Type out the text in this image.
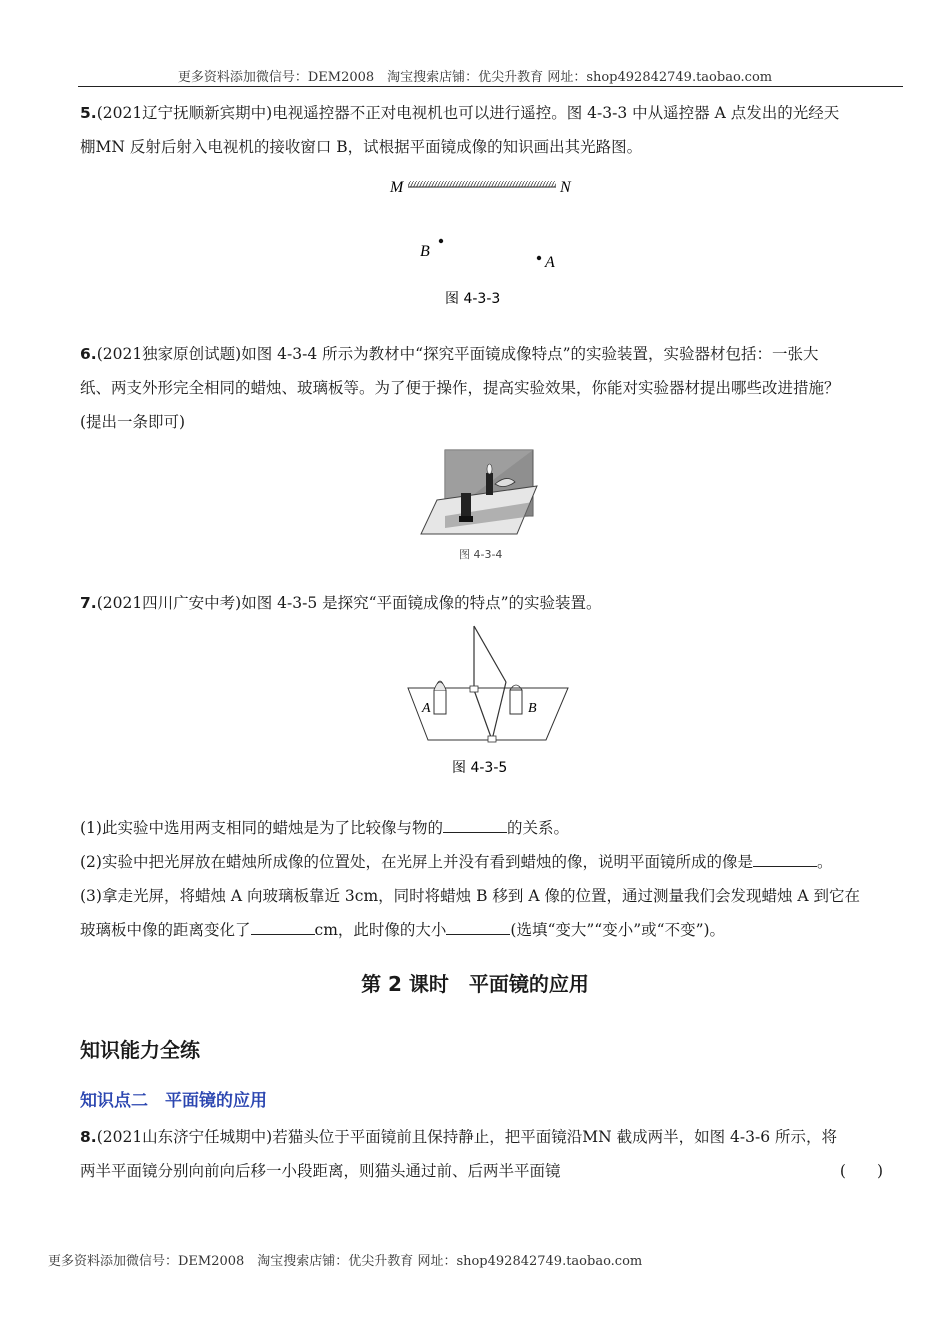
更多资料添加微信号：DEM2008　淘宝搜索店铺：优尖升教育 网址：shop492842749.taobao.com
5.(2021辽宁抚顺新宾期中)电视遥控器不正对电视机也可以进行遥控。图 4-3-3 中从遥控器 A 点发出的光经天
棚MN 反射后射入电视机的接收窗口 B，试根据平面镜成像的知识画出其光路图。
M	N
B
A
图 4-3-3
6.(2021独家原创试题)如图 4-3-4 所示为教材中“探究平面镜成像特点”的实验装置，实验器材包括：一张大
纸、两支外形完全相同的蜡烛、玻璃板等。为了便于操作，提高实验效果，你能对实验器材提出哪些改进措施？
(提出一条即可)
图 4-3-4
7.(2021四川广安中考)如图 4-3-5 是探究“平面镜成像的特点”的实验装置。
A	B
图 4-3-5
(1)此实验中选用两支相同的蜡烛是为了比较像与物的	的关系。
(2)实验中把光屏放在蜡烛所成像的位置处，在光屏上并没有看到蜡烛的像，说明平面镜所成的像是	。
(3)拿走光屏，将蜡烛 A 向玻璃板靠近 3cm，同时将蜡烛 B 移到 A 像的位置，通过测量我们会发现蜡烛 A 到它在
玻璃板中像的距离变化了	cm，此时像的大小	(选填“变大”“变小”或“不变”)。
第 2 课时　平面镜的应用
知识能力全练
知识点二　平面镜的应用
8.(2021山东济宁任城期中)若猫头位于平面镜前且保持静止，把平面镜沿MN 截成两半，如图 4-3-6 所示，将
两半平面镜分别向前向后移一小段距离，则猫头通过前、后两半平面镜	(　　)
更多资料添加微信号：DEM2008　淘宝搜索店铺：优尖升教育 网址：shop492842749.taobao.com
